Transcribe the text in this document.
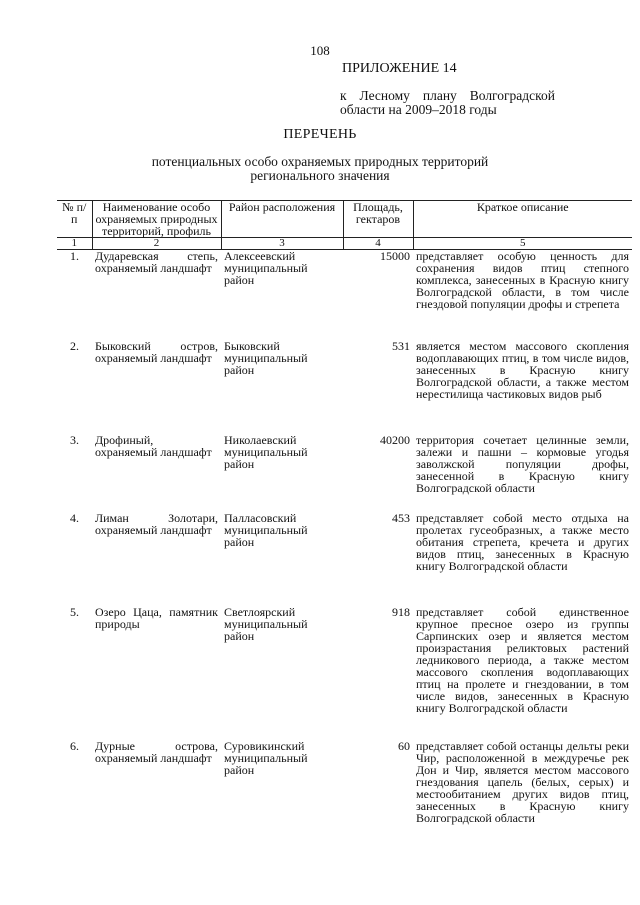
108
ПРИЛОЖЕНИЕ 14
к Лесному плану Волгоградской
области на 2009–2018 годы
ПЕРЕЧЕНЬ
потенциальных особо охраняемых природных территорий
регионального значения
№ п/п	Наименование особо охраняемых природных территорий, профиль	Район расположения	Площадь, гектаров	Краткое описание
1	2	3	4	5
1.	Дударевская степь, охраняемый ландшафт	Алексеевский муниципальный район	15000	представляет особую ценность для сохранения видов птиц степного комплекса, занесенных в Красную книгу Волгоградской области, в том числе гнездовой популяции дрофы и стрепета
2.	Быковский остров, охраняемый ландшафт	Быковский муниципальный район	531	является местом массового скопления водоплавающих птиц, в том числе видов, занесенных в Красную книгу Волгоградской области, а также местом нерестилища частиковых видов рыб
3.	Дрофиный, охраняемый ландшафт	Николаевский муниципальный район	40200	территория сочетает целинные земли, залежи и пашни – кормовые угодья заволжской популяции дрофы, занесенной в Красную книгу Волгоградской области
4.	Лиман Золотари, охраняемый ландшафт	Палласовский муниципальный район	453	представляет собой место отдыха на пролетах гусеобразных, а также место обитания стрепета, кречета и других видов птиц, занесенных в Красную книгу Волгоградской области
5.	Озеро Цаца, памятник природы	Светлоярский муниципальный район	918	представляет собой единственное крупное пресное озеро из группы Сарпинских озер и является местом произрастания реликтовых растений ледникового периода, а также местом массового скопления водоплавающих птиц на пролете и гнездовании, в том числе видов, занесенных в Красную книгу Волгоградской области
6.	Дурные острова, охраняемый ландшафт	Суровикинский муниципальный район	60	представляет собой останцы дельты реки Чир, расположенной в междуречье рек Дон и Чир, является местом массового гнездования цапель (белых, серых) и местообитанием других видов птиц, занесенных в Красную книгу Волгоградской области
